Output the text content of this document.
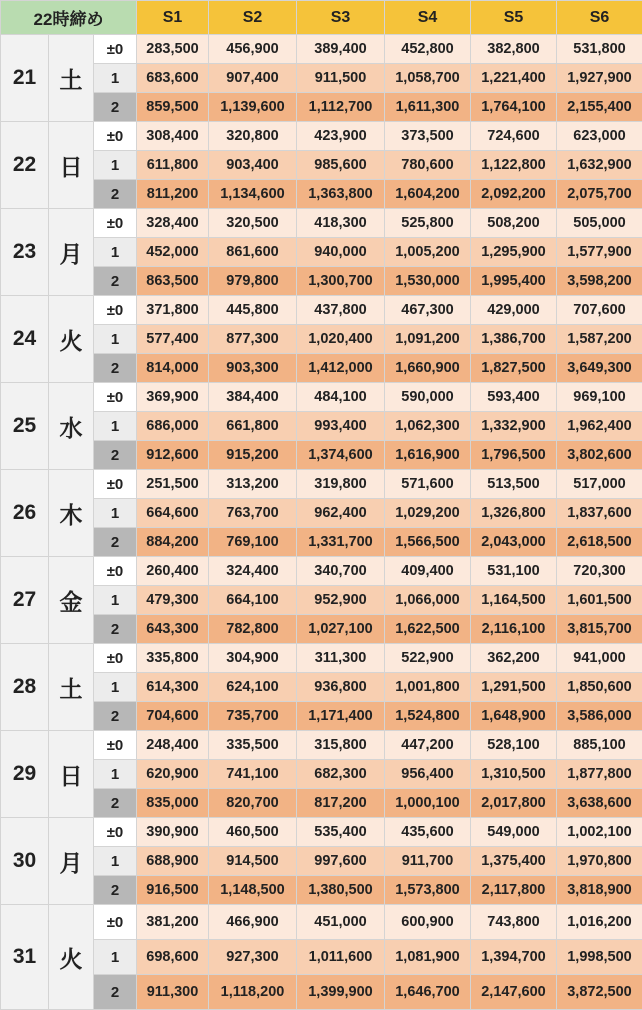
22時締め			S1	S2	S3	S4	S5	S6
21	土	±0	283,500	456,900	389,400	452,800	382,800	531,800
		1	683,600	907,400	911,500	1,058,700	1,221,400	1,927,900
		2	859,500	1,139,600	1,112,700	1,611,300	1,764,100	2,155,400
22	日	±0	308,400	320,800	423,900	373,500	724,600	623,000
		1	611,800	903,400	985,600	780,600	1,122,800	1,632,900
		2	811,200	1,134,600	1,363,800	1,604,200	2,092,200	2,075,700
23	月	±0	328,400	320,500	418,300	525,800	508,200	505,000
		1	452,000	861,600	940,000	1,005,200	1,295,900	1,577,900
		2	863,500	979,800	1,300,700	1,530,000	1,995,400	3,598,200
24	火	±0	371,800	445,800	437,800	467,300	429,000	707,600
		1	577,400	877,300	1,020,400	1,091,200	1,386,700	1,587,200
		2	814,000	903,300	1,412,000	1,660,900	1,827,500	3,649,300
25	水	±0	369,900	384,400	484,100	590,000	593,400	969,100
		1	686,000	661,800	993,400	1,062,300	1,332,900	1,962,400
		2	912,600	915,200	1,374,600	1,616,900	1,796,500	3,802,600
26	木	±0	251,500	313,200	319,800	571,600	513,500	517,000
		1	664,600	763,700	962,400	1,029,200	1,326,800	1,837,600
		2	884,200	769,100	1,331,700	1,566,500	2,043,000	2,618,500
27	金	±0	260,400	324,400	340,700	409,400	531,100	720,300
		1	479,300	664,100	952,900	1,066,000	1,164,500	1,601,500
		2	643,300	782,800	1,027,100	1,622,500	2,116,100	3,815,700
28	土	±0	335,800	304,900	311,300	522,900	362,200	941,000
		1	614,300	624,100	936,800	1,001,800	1,291,500	1,850,600
		2	704,600	735,700	1,171,400	1,524,800	1,648,900	3,586,000
29	日	±0	248,400	335,500	315,800	447,200	528,100	885,100
		1	620,900	741,100	682,300	956,400	1,310,500	1,877,800
		2	835,000	820,700	817,200	1,000,100	2,017,800	3,638,600
30	月	±0	390,900	460,500	535,400	435,600	549,000	1,002,100
		1	688,900	914,500	997,600	911,700	1,375,400	1,970,800
		2	916,500	1,148,500	1,380,500	1,573,800	2,117,800	3,818,900
31	火	±0	381,200	466,900	451,000	600,900	743,800	1,016,200
		1	698,600	927,300	1,011,600	1,081,900	1,394,700	1,998,500
		2	911,300	1,118,200	1,399,900	1,646,700	2,147,600	3,872,500
